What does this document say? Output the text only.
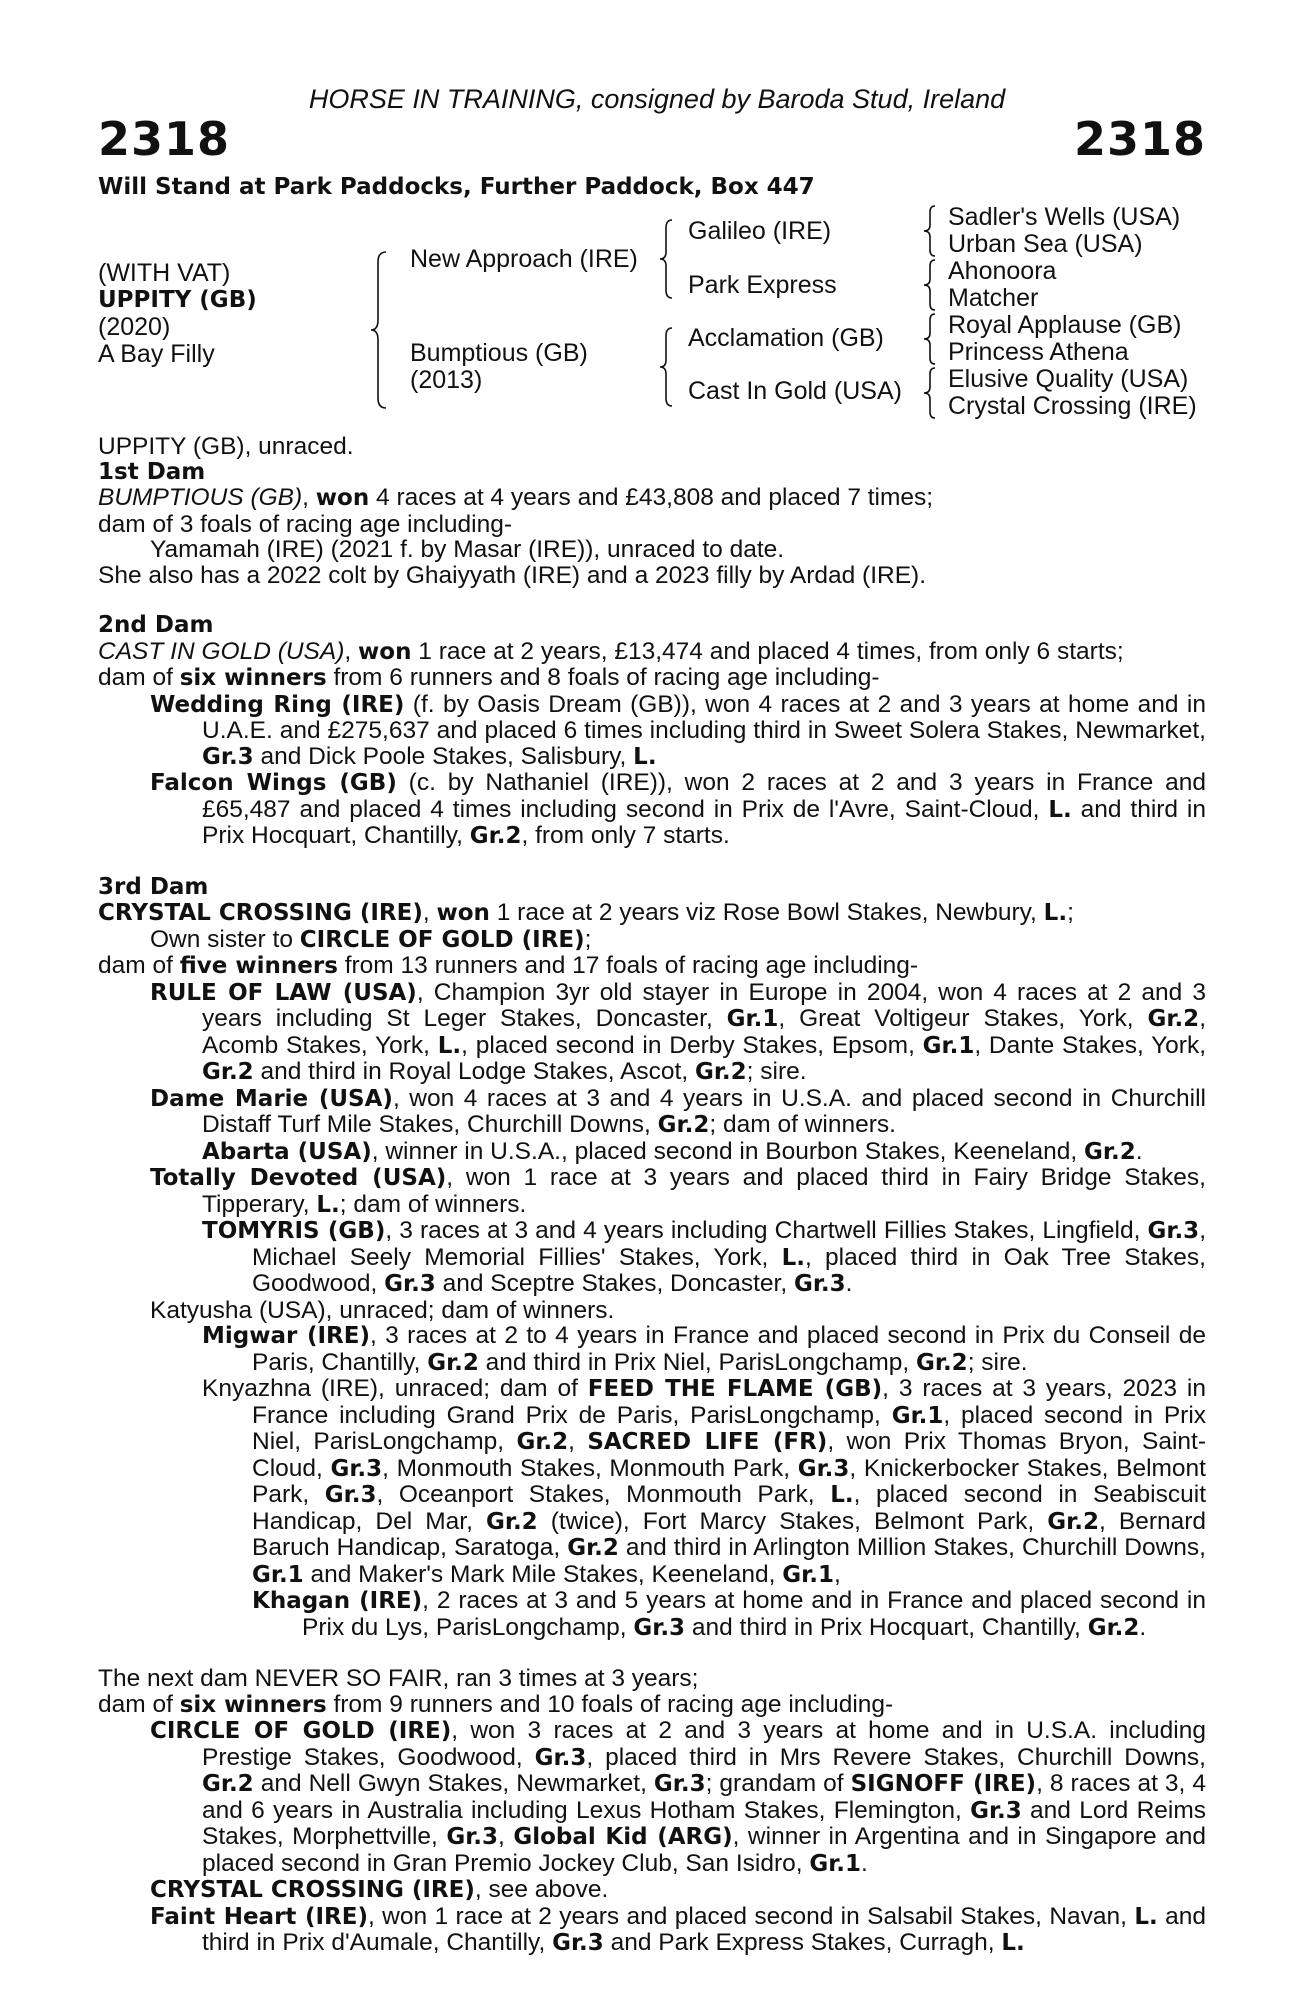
HORSE IN TRAINING, consigned by Baroda Stud, Ireland
2318	2318
Will Stand at Park Paddocks, Further Paddock, Box 447
(WITH VAT)
UPPITY (GB)
(2020)
A Bay Filly
New Approach (IRE)
Bumptious (GB)
(2013)
Galileo (IRE)
Park Express
Acclamation (GB)
Cast In Gold (USA)
Sadler's Wells (USA)
Urban Sea (USA)
Ahonoora
Matcher
Royal Applause (GB)
Princess Athena
Elusive Quality (USA)
Crystal Crossing (IRE)

UPPITY (GB), unraced.

1st Dam

BUMPTIOUS (GB), won 4 races at 4 years and £43,808 and placed 7 times;

dam of 3 foals of racing age including-

Yamamah (IRE) (2021 f. by Masar (IRE)), unraced to date.

She also has a 2022 colt by Ghaiyyath (IRE) and a 2023 filly by Ardad (IRE).

2nd Dam

CAST IN GOLD (USA), won 1 race at 2 years, £13,474 and placed 4 times, from only 6 starts;

dam of six winners from 6 runners and 8 foals of racing age including-

Wedding Ring (IRE) (f. by Oasis Dream (GB)), won 4 races at 2 and 3 years at home and in U.A.E. and £275,637 and placed 6 times including third in Sweet Solera Stakes, Newmarket, Gr.3 and Dick Poole Stakes, Salisbury, L.

Falcon Wings (GB) (c. by Nathaniel (IRE)), won 2 races at 2 and 3 years in France and £65,487 and placed 4 times including second in Prix de l'Avre, Saint-Cloud, L. and third in Prix Hocquart, Chantilly, Gr.2, from only 7 starts.

3rd Dam

CRYSTAL CROSSING (IRE), won 1 race at 2 years viz Rose Bowl Stakes, Newbury, L.;

Own sister to CIRCLE OF GOLD (IRE);

dam of five winners from 13 runners and 17 foals of racing age including-

RULE OF LAW (USA), Champion 3yr old stayer in Europe in 2004, won 4 races at 2 and 3 years including St Leger Stakes, Doncaster, Gr.1, Great Voltigeur Stakes, York, Gr.2, Acomb Stakes, York, L., placed second in Derby Stakes, Epsom, Gr.1, Dante Stakes, York, Gr.2 and third in Royal Lodge Stakes, Ascot, Gr.2; sire.

Dame Marie (USA), won 4 races at 3 and 4 years in U.S.A. and placed second in Churchill Distaff Turf Mile Stakes, Churchill Downs, Gr.2; dam of winners.

Abarta (USA), winner in U.S.A., placed second in Bourbon Stakes, Keeneland, Gr.2.

Totally Devoted (USA), won 1 race at 3 years and placed third in Fairy Bridge Stakes, Tipperary, L.; dam of winners.

TOMYRIS (GB), 3 races at 3 and 4 years including Chartwell Fillies Stakes, Lingfield, Gr.3, Michael Seely Memorial Fillies' Stakes, York, L., placed third in Oak Tree Stakes, Goodwood, Gr.3 and Sceptre Stakes, Doncaster, Gr.3.

Katyusha (USA), unraced; dam of winners.

Migwar (IRE), 3 races at 2 to 4 years in France and placed second in Prix du Conseil de Paris, Chantilly, Gr.2 and third in Prix Niel, ParisLongchamp, Gr.2; sire.

Knyazhna (IRE), unraced; dam of FEED THE FLAME (GB), 3 races at 3 years, 2023 in France including Grand Prix de Paris, ParisLongchamp, Gr.1, placed second in Prix Niel, ParisLongchamp, Gr.2, SACRED LIFE (FR), won Prix Thomas Bryon, Saint-Cloud, Gr.3, Monmouth Stakes, Monmouth Park, Gr.3, Knickerbocker Stakes, Belmont Park, Gr.3, Oceanport Stakes, Monmouth Park, L., placed second in Seabiscuit Handicap, Del Mar, Gr.2 (twice), Fort Marcy Stakes, Belmont Park, Gr.2, Bernard Baruch Handicap, Saratoga, Gr.2 and third in Arlington Million Stakes, Churchill Downs, Gr.1 and Maker's Mark Mile Stakes, Keeneland, Gr.1,

Khagan (IRE), 2 races at 3 and 5 years at home and in France and placed second in Prix du Lys, ParisLongchamp, Gr.3 and third in Prix Hocquart, Chantilly, Gr.2.

The next dam NEVER SO FAIR, ran 3 times at 3 years;

dam of six winners from 9 runners and 10 foals of racing age including-

CIRCLE OF GOLD (IRE), won 3 races at 2 and 3 years at home and in U.S.A. including Prestige Stakes, Goodwood, Gr.3, placed third in Mrs Revere Stakes, Churchill Downs, Gr.2 and Nell Gwyn Stakes, Newmarket, Gr.3; grandam of SIGNOFF (IRE), 8 races at 3, 4 and 6 years in Australia including Lexus Hotham Stakes, Flemington, Gr.3 and Lord Reims Stakes, Morphettville, Gr.3, Global Kid (ARG), winner in Argentina and in Singapore and placed second in Gran Premio Jockey Club, San Isidro, Gr.1.

CRYSTAL CROSSING (IRE), see above.

Faint Heart (IRE), won 1 race at 2 years and placed second in Salsabil Stakes, Navan, L. and third in Prix d'Aumale, Chantilly, Gr.3 and Park Express Stakes, Curragh, L.
